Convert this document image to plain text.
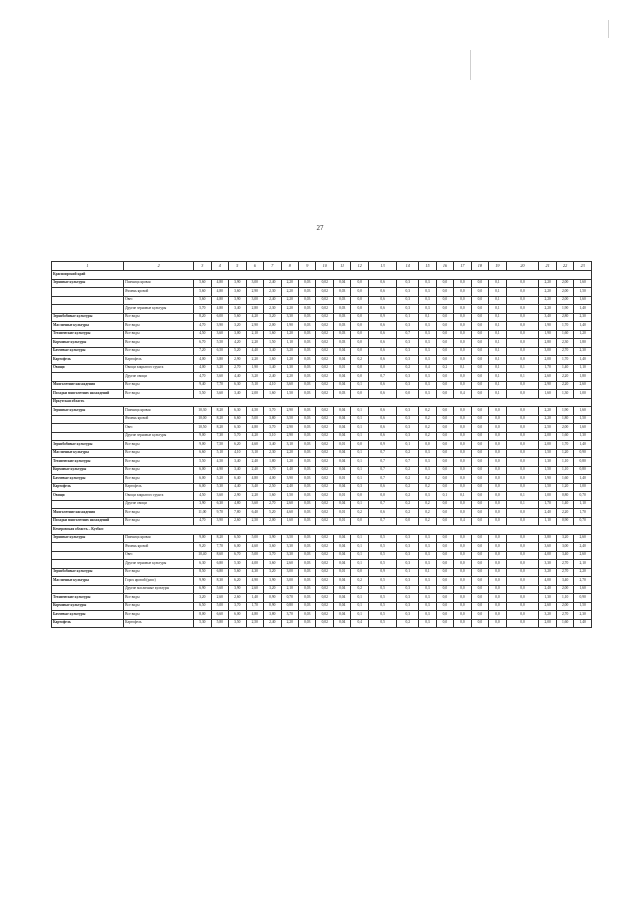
27
1	2	3	4	5	6	7	8	9	10	11	12	13	14	15	16	17	18	19	20	21	22	23
Красноярский край																						
Зерновые культуры	Пшеница яровая	5,60	4,80	3,90	3,00	2,40	2,20	0,03	0,02	0,04	0,0	0,6	0,3	0,3	0,0	0,0	0,0	0,1	0,0	2,20	2,00	1,60
	Ячмень яровой	5,60	4,80	3,60	2,90	2,30	2,20	0,03	0,02	0,03	0,0	0,6	0,3	0,3	0,0	0,0	0,0	0,1	0,0	2,20	2,00	1,50
	Овес	5,60	4,80	3,90	3,00	2,40	2,20	0,03	0,02	0,03	0,0	0,6	0,3	0,3	0,0	0,0	0,0	0,1	0,0	2,20	2,00	1,60
	Другие зерновые культуры	5,70	4,80	3,40	2,80	2,30	2,20	0,03	0,02	0,03	0,0	0,6	0,3	0,3	0,0	0,0	0,0	0,1	0,0	2,20	1,90	1,40
Зернобобовые культуры	Все виды	8,20	6,00	5,60	4,20	3,20	3,30	0,03	0,02	0,03	0,0	0,9	0,1	0,1	0,0	0,0	0,0	0,1	0,0	3,40	2,80	2,30
Масличные культуры	Все виды	4,70	3,90	3,20	2,90	2,00	1,90	0,03	0,02	0,03	0,0	0,6	0,3	0,3	0,0	0,0	0,0	0,1	0,0	1,90	1,70	1,40
Технические культуры	Все виды	4,50	3,60	3,00	2,10	1,60	1,20	0,03	0,02	0,03	0,0	0,6	0,7	0,3	0,0	0,0	0,0	0,1	0,0	1,90	1,60	1,20
Кормовые культуры	Все виды	6,70	5,50	4,20	2,20	1,50	1,10	0,03	0,02	0,03	0,0	0,6	0,3	0,3	0,0	0,0	0,0	0,1	0,0	2,80	2,30	1,80
Бахчевые культуры	Все виды	7,20	6,50	5,20	4,40	3,40	3,20	0,03	0,02	0,04	0,0	0,6	0,3	0,3	0,0	0,0	0,0	0,1	0,0	3,00	2,70	2,30
Картофель	Картофель	4,00	3,80	2,90	2,20	1,60	1,20	0,03	0,02	0,04	0,2	0,6	0,3	0,3	0,0	0,0	0,0	0,1	0,0	2,00	1,70	1,40
Овощи	Овощи закрытого грунта	4,00	3,20	2,70	1,90	1,40	1,30	0,03	0,02	0,01	0,0	0,0	0,2	0,4	0,2	0,1	0,0	0,1	0,1	1,70	1,40	1,10
	Другие овощи	4,70	3,60	4,40	3,20	2,40	2,20	0,03	0,02	0,04	0,0	0,7	0,3	0,3	0,0	0,0	0,0	0,1	0,1	2,60	2,20	1,80
Многолетние насаждения	Все виды	9,40	7,70	6,30	5,10	4,10	3,60	0,03	0,02	0,04	0,1	0,6	0,3	0,3	0,0	0,0	0,0	0,1	0,0	2,90	2,20	2,60
Посадки многолетних насаждений	Все виды	5,50	3,60	3,40	2,00	1,60	1,50	0,03	0,02	0,03	0,0	0,6	0,0	0,3	0,0	0,4	0,0	0,1	0,0	1,60	1,30	1,00
Иркутская область																						
Зерновые культуры	Пшеница яровая	10,30	8,20	6,30	4,50	3,70	2,90	0,03	0,02	0,04	0,1	0,6	0,3	0,2	0,0	0,0	0,0	0,0	0,0	2,20	1,90	1,60
	Ячмень яровой	10,00	8,20	6,60	5,00	3,80	3,50	0,03	0,02	0,04	0,1	0,6	0,3	0,2	0,0	0,0	0,0	0,0	0,0	2,20	1,80	1,50
	Овес	10,50	8,20	6,30	4,80	3,70	2,90	0,03	0,02	0,04	0,1	0,6	0,3	0,2	0,0	0,0	0,0	0,0	0,0	2,50	2,00	1,60
	Другие зерновые культуры	9,00	7,30	5,70	4,20	3,10	2,90	0,03	0,02	0,04	0,1	0,6	0,3	0,2	0,0	0,0	0,0	0,0	0,0	2,00	1,60	1,30
Зернобобовые культуры	Все виды	9,00	7,50	6,20	4,60	3,40	3,10	0,03	0,02	0,01	0,0	0,9	0,1	0,0	0,0	0,0	0,0	0,0	0,0	2,00	1,70	1,40
Масличные культуры	Все виды	6,60	5,10	4,10	3,10	2,30	2,20	0,03	0,02	0,04	0,1	0,7	0,2	0,3	0,0	0,0	0,0	0,0	0,0	1,50	1,20	0,90
Технические культуры	Все виды	5,50	4,50	3,40	2,40	1,80	1,20	0,03	0,02	0,04	0,1	0,7	0,7	0,3	0,0	0,0	0,0	0,0	0,0	1,30	1,10	0,80
Кормовые культуры	Все виды	6,00	4,90	3,40	2,40	1,70	1,40	0,03	0,02	0,04	0,1	0,7	0,2	0,3	0,0	0,0	0,0	0,0	0,0	1,50	1,10	0,80
Бахчевые культуры	Все виды	6,00	5,20	6,40	4,80	4,00	3,90	0,03	0,02	0,01	0,1	0,7	0,2	0,2	0,0	0,0	0,0	0,0	0,0	1,90	1,60	1,40
Картофель	Картофель	6,00	5,30	4,40	3,40	2,50	2,40	0,03	0,02	0,04	0,3	0,6	0,2	0,2	0,0	0,0	0,0	0,0	0,0	1,50	1,20	1,00
Овощи	Овощи закрытого грунта	4,50	3,60	2,90	2,20	1,60	1,50	0,03	0,02	0,01	0,0	0,0	0,2	0,3	0,1	0,1	0,0	0,0	0,1	1,00	0,80	0,70
	Другие овощи	3,90	6,30	4,80	3,60	2,70	2,60	0,03	0,02	0,04	0,1	0,7	0,2	0,2	0,0	0,0	0,0	0,0	0,1	1,70	1,40	1,10
Многолетние насаждения	Все виды	11,00	9,70	7,80	6,40	5,20	4,60	0,03	0,02	0,01	0,2	0,6	0,2	0,2	0,0	0,0	0,0	0,0	0,0	2,40	2,20	1,70
Посадки многолетних насаждений	Все виды	4,70	3,90	2,60	2,50	2,00	1,60	0,03	0,02	0,01	0,0	0,7	0,0	0,2	0,0	0,4	0,0	0,0	0,0	1,10	0,90	0,70
Кемеровская область – Кузбасс																						
Зерновые культуры	Пшеница яровая	9,00	8,20	6,50	5,00	3,90	3,50	0,03	0,02	0,04	0,1	0,5	0,3	0,3	0,0	0,0	0,0	0,0	0,0	3,80	3,20	2,60
	Ячмень яровой	9,20	7,70	6,00	4,60	3,60	3,30	0,03	0,02	0,04	0,1	0,5	0,3	0,3	0,0	0,0	0,0	0,0	0,0	3,60	3,00	2,40
	Овес	10,40	8,60	6,70	5,00	3,70	3,30	0,03	0,02	0,04	0,1	0,5	0,3	0,3	0,0	0,0	0,0	0,0	0,0	4,00	3,40	2,60
	Другие зерновые культуры	6,30	6,80	5,30	4,00	3,60	2,60	0,03	0,02	0,04	0,1	0,5	0,3	0,3	0,0	0,0	0,0	0,0	0,0	3,30	2,70	2,10
Зернобобовые культуры	Все виды	8,50	6,80	5,60	4,30	3,20	3,00	0,03	0,02	0,01	0,0	0,9	0,1	0,1	0,0	0,0	0,0	0,0	0,0	3,20	2,70	2,20
Масличные культуры	Горох яровой (рапс)	9,90	8,30	6,20	4,90	3,90	3,00	0,03	0,02	0,04	0,2	0,5	0,3	0,3	0,0	0,0	0,0	0,0	0,0	4,00	3,40	2,70
	Другие масличные культуры	6,90	5,60	3,90	2,60	3,20	2,10	0,03	0,02	0,04	0,2	0,5	0,3	0,3	0,0	0,0	0,0	0,0	0,0	2,40	2,00	1,60
Технические культуры	Все виды	3,20	2,60	2,60	1,40	0,90	0,70	0,03	0,02	0,04	0,1	0,5	0,3	0,3	0,0	0,0	0,0	0,0	0,0	1,30	1,10	0,90
Кормовые культуры	Все виды	6,50	5,00	3,70	1,70	0,90	0,80	0,03	0,02	0,04	0,1	0,5	0,3	0,3	0,0	0,0	0,0	0,0	0,0	2,60	2,00	1,50
Бахчевые культуры	Все виды	8,00	6,60	6,00	4,80	3,80	3,70	0,03	0,02	0,04	0,1	0,5	0,3	0,3	0,0	0,0	0,0	0,0	0,0	3,20	2,70	2,30
Картофель	Картофель	5,30	5,80	3,50	2,50	2,40	2,20	0,03	0,02	0,04	0,4	0,5	0,2	0,3	0,0	0,0	0,0	0,0	0,0	2,00	1,60	1,40
